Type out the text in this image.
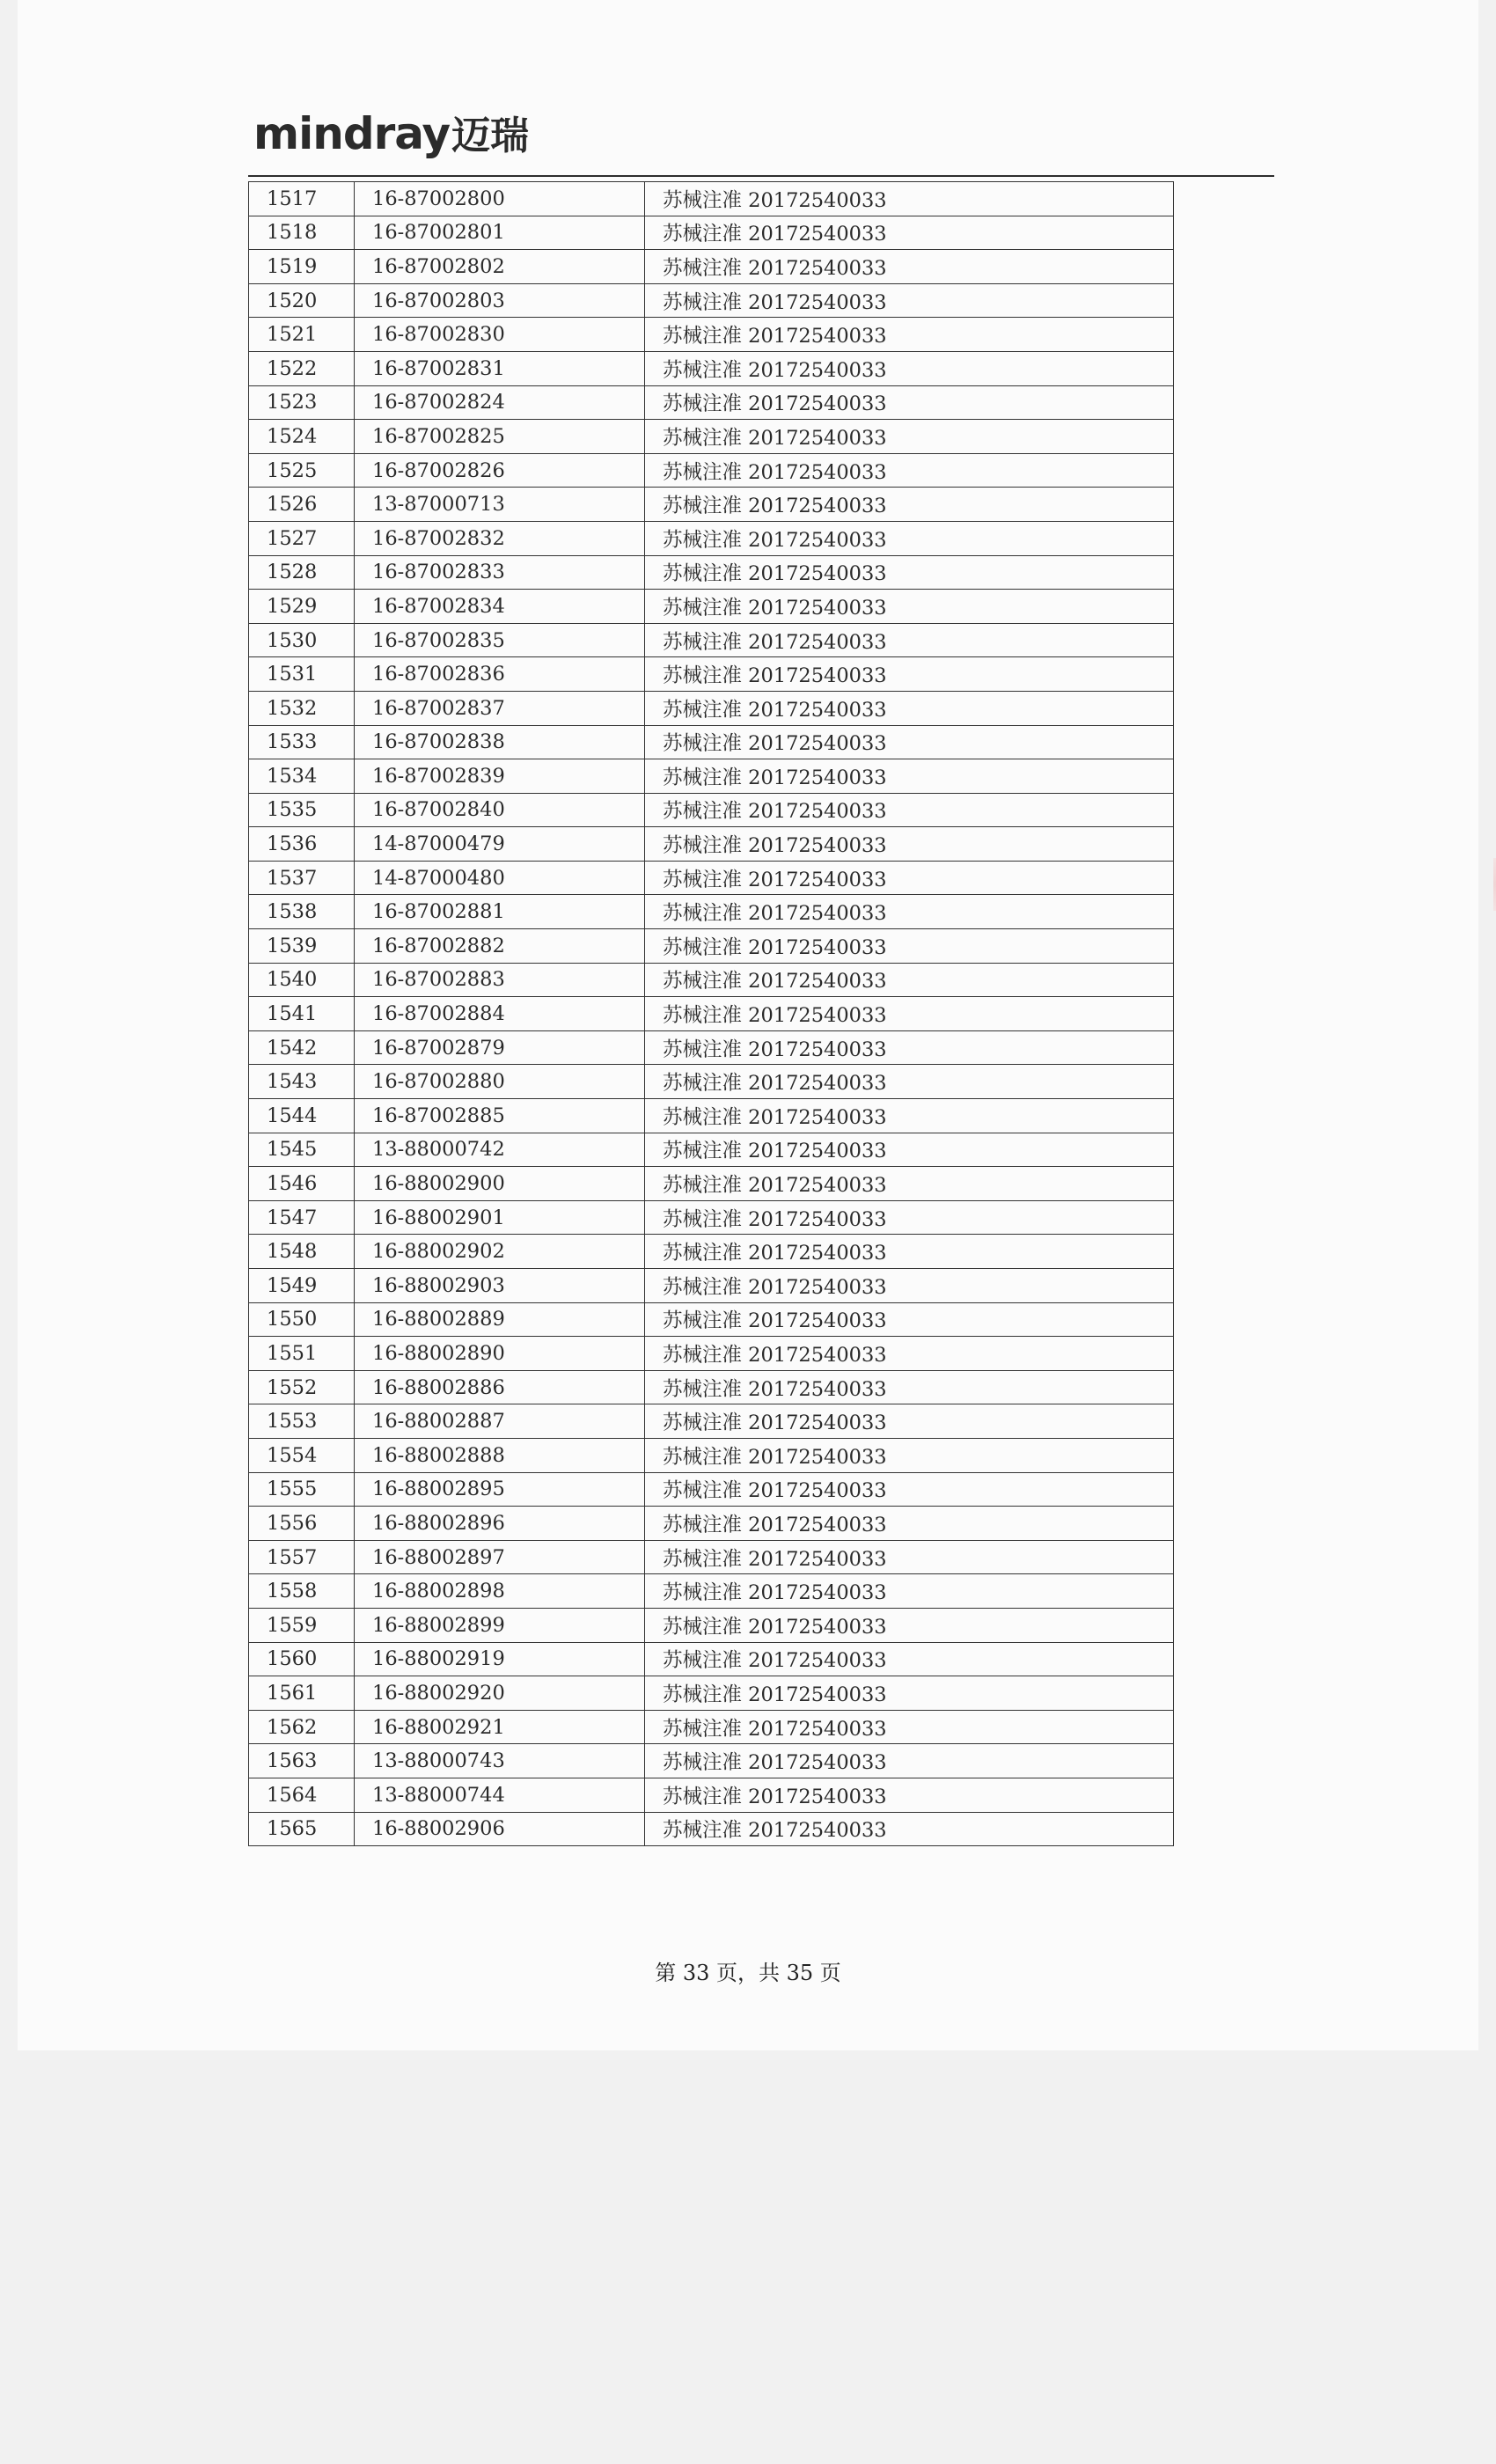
mindray 迈瑞
1517	16-87002800	苏械注准 20172540033
1518	16-87002801	苏械注准 20172540033
1519	16-87002802	苏械注准 20172540033
1520	16-87002803	苏械注准 20172540033
1521	16-87002830	苏械注准 20172540033
1522	16-87002831	苏械注准 20172540033
1523	16-87002824	苏械注准 20172540033
1524	16-87002825	苏械注准 20172540033
1525	16-87002826	苏械注准 20172540033
1526	13-87000713	苏械注准 20172540033
1527	16-87002832	苏械注准 20172540033
1528	16-87002833	苏械注准 20172540033
1529	16-87002834	苏械注准 20172540033
1530	16-87002835	苏械注准 20172540033
1531	16-87002836	苏械注准 20172540033
1532	16-87002837	苏械注准 20172540033
1533	16-87002838	苏械注准 20172540033
1534	16-87002839	苏械注准 20172540033
1535	16-87002840	苏械注准 20172540033
1536	14-87000479	苏械注准 20172540033
1537	14-87000480	苏械注准 20172540033
1538	16-87002881	苏械注准 20172540033
1539	16-87002882	苏械注准 20172540033
1540	16-87002883	苏械注准 20172540033
1541	16-87002884	苏械注准 20172540033
1542	16-87002879	苏械注准 20172540033
1543	16-87002880	苏械注准 20172540033
1544	16-87002885	苏械注准 20172540033
1545	13-88000742	苏械注准 20172540033
1546	16-88002900	苏械注准 20172540033
1547	16-88002901	苏械注准 20172540033
1548	16-88002902	苏械注准 20172540033
1549	16-88002903	苏械注准 20172540033
1550	16-88002889	苏械注准 20172540033
1551	16-88002890	苏械注准 20172540033
1552	16-88002886	苏械注准 20172540033
1553	16-88002887	苏械注准 20172540033
1554	16-88002888	苏械注准 20172540033
1555	16-88002895	苏械注准 20172540033
1556	16-88002896	苏械注准 20172540033
1557	16-88002897	苏械注准 20172540033
1558	16-88002898	苏械注准 20172540033
1559	16-88002899	苏械注准 20172540033
1560	16-88002919	苏械注准 20172540033
1561	16-88002920	苏械注准 20172540033
1562	16-88002921	苏械注准 20172540033
1563	13-88000743	苏械注准 20172540033
1564	13-88000744	苏械注准 20172540033
1565	16-88002906	苏械注准 20172540033
第 33 页，共 35 页
